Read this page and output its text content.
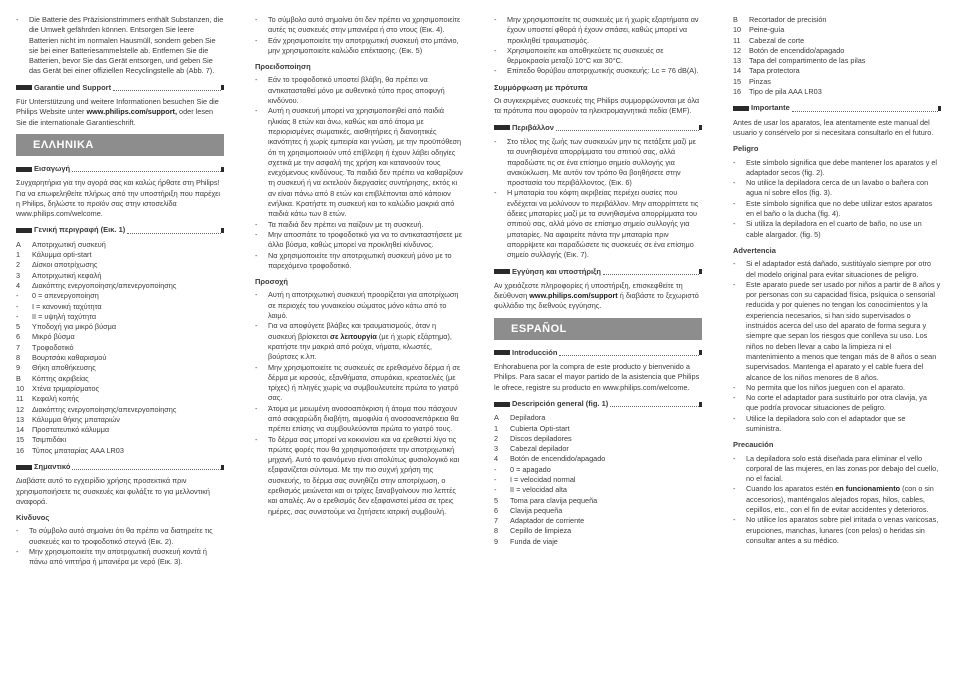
- Die Batterie des Präzisionstrimmers enthält Substanzen, die die Umwelt gefährden können. Entsorgen Sie leere Batterien nicht im normalen Hausmüll, sondern geben Sie sie bei einer Batteriesammelstelle ab. Entfernen Sie die Batterien, bevor Sie das Gerät entsorgen, und geben Sie das Gerät bei einer offiziellen Recyclingstelle ab (Abb. 7).

Garantie und Support

Für Unterstützung und weitere Informationen besuchen Sie die Philips Website unter www.philips.com/support, oder lesen Sie die internationale Garantieschrift.

ΕΛΛΗΝΙΚΑ
Εισαγωγή

Συγχαρητήρια για την αγορά σας και καλώς ήρθατε στη Philips! Για να επωφεληθείτε πλήρως από την υποστήριξη που παρέχει η Philips, δηλώστε το προϊόν σας στην ιστοσελίδα www.philips.com/welcome.

Γενική περιγραφή (Εικ. 1)

A Αποτριχωτική συσκευή

1 Κάλυμμα opti-start

2 Δίσκοι αποτρίχωσης

3 Αποτριχωτική κεφαλή

4 Διακόπτης ενεργοποίησης/απενεργοποίησης

- 0 = απενεργοποίηση

- I = κανονική ταχύτητα

- II = υψηλή ταχύτητα

5 Υποδοχή για μικρό βύσμα

6 Μικρό βύσμα

7 Τροφοδοτικό

8 Βουρτσάκι καθαρισμού

9 Θήκη αποθήκευσης

B Κόπτης ακριβείας

10 Χτένα τριμαρίσματος

11 Κεφαλή κοπής

12 Διακόπτης ενεργοποίησης/απενεργοποίησης

13 Κάλυμμα θήκης μπαταριών

14 Προστατευτικό κάλυμμα

15 Τσιμπιδάκι

16 Τύπος μπαταρίας AAA LR03

Σημαντικό

Διαβάστε αυτό το εγχειρίδιο χρήσης προσεκτικά πριν χρησιμοποιήσετε τις συσκευές και φυλάξτε το για μελλοντική αναφορά.

Κίνδυνος

- Το σύμβολο αυτό σημαίνει ότι θα πρέπει να διατηρείτε τις συσκευές και το τροφοδοτικό στεγνά (Εικ. 2).

- Μην χρησιμοποιείτε την αποτριχωτική συσκευή κοντά ή πάνω από νιπτήρα ή μπανιέρα με νερό (Εικ. 3).

- Το σύμβολο αυτό σημαίνει ότι δεν πρέπει να χρησιμοποιείτε αυτές τις συσκευές στην μπανιέρα ή στο ντους (Εικ. 4).

- Εάν χρησιμοποιείτε την αποτριχωτική συσκευή στο μπάνιο, μην χρησιμοποιείτε καλώδιο επέκτασης. (Εικ. 5)

Προειδοποίηση

- Εάν το τροφοδοτικό υποστεί βλάβη, θα πρέπει να αντικατασταθεί μόνο με αυθεντικό τύπο προς αποφυγή κινδύνου.

- Αυτή η συσκευή μπορεί να χρησιμοποιηθεί από παιδιά ηλικίας 8 ετών και άνω, καθώς και από άτομα με περιορισμένες σωματικές, αισθητήριες ή διανοητικές ικανότητες ή χωρίς εμπειρία και γνώση, με την προϋπόθεση ότι τη χρησιμοποιούν υπό επίβλεψη ή έχουν λάβει οδηγίες σχετικά με την ασφαλή της χρήση και κατανοούν τους ενεχόμενους κινδύνους. Τα παιδιά δεν πρέπει να καθαρίζουν τη συσκευή ή να εκτελούν διεργασίες συντήρησης, εκτός κι αν είναι πάνω από 8 ετών και επιβλέπονται από κάποιον ενήλικα. Κρατήστε τη συσκευή και το καλώδιο μακριά από παιδιά κάτω των 8 ετών.

- Τα παιδιά δεν πρέπει να παίζουν με τη συσκευή.

- Μην αποσπάτε το τροφοδοτικό για να το αντικαταστήσετε με άλλο βύσμα, καθώς μπορεί να προκληθεί κίνδυνος.

- Να χρησιμοποιείτε την αποτριχωτική συσκευή μόνο με το παρεχόμενο τροφοδοτικό.

Προσοχή

- Αυτή η αποτριχωτική συσκευή προορίζεται για αποτρίχωση σε περιοχές του γυναικείου σώματος μόνο κάτω από το λαιμό.

- Για να αποφύγετε βλάβες και τραυματισμούς, όταν η συσκευή βρίσκεται σε λειτουργία (με ή χωρίς εξάρτημα), κρατήστε την μακριά από ρούχα, νήματα, κλωστές, βούρτσες κ.λπ.

- Μην χρησιμοποιείτε τις συσκευές σε ερεθισμένο δέρμα ή σε δέρμα με κιρσούς, εξανθήματα, σπυράκια, κρεατοελιές (με τρίχες) ή πληγές χωρίς να συμβουλευτείτε πρώτα το γιατρό σας.

- Άτομα με μειωμένη ανοσοαπόκριση ή άτομα που πάσχουν από σακχαρώδη διαβήτη, αιμοφιλία ή ανοσοανεπάρκεια θα πρέπει επίσης να συμβουλεύονται πρώτα το γιατρό τους.

- Το δέρμα σας μπορεί να κοκκινίσει και να ερεθιστεί λίγο τις πρώτες φορές που θα χρησιμοποιήσετε την αποτριχωτική μηχανή. Αυτό το φαινόμενο είναι απολύτως φυσιολογικό και εξαφανίζεται σύντομα. Με την πιο συχνή χρήση της συσκευής, το δέρμα σας συνηθίζει στην αποτρίχωση, ο ερεθισμός μειώνεται και οι τρίχες ξαναβγαίνουν πιο λεπτές και απαλές. Αν ο ερεθισμός δεν εξαφανιστεί μέσα σε τρεις ημέρες, σας συνιστούμε να ζητήσετε ιατρική συμβουλή.

- Μην χρησιμοποιείτε τις συσκευές με ή χωρίς εξαρτήματα αν έχουν υποστεί φθορά ή έχουν σπάσει, καθώς μπορεί να προκληθεί τραυματισμός.

- Χρησιμοποιείτε και αποθηκεύετε τις συσκευές σε θερμοκρασία μεταξύ 10°C και 30°C.

- Επίπεδο θορύβου αποτριχωτικής συσκευής: Lc = 76 dB(A).

Συμμόρφωση με πρότυπα

Οι συγκεκριμένες συσκευές της Philips συμμορφώνονται με όλα τα πρότυπα που αφορούν τα ηλεκτρομαγνητικά πεδία (EMF).

Περιβάλλον

- Στο τέλος της ζωής των συσκευών μην τις πετάξετε μαζί με τα συνηθισμένα απορρίμματα του σπιτιού σας, αλλά παραδώστε τις σε ένα επίσημο σημείο συλλογής για ανακύκλωση. Με αυτόν τον τρόπο θα βοηθήσετε στην προστασία του περιβάλλοντος. (Εικ. 6)

- Η μπαταρία του κόφτη ακριβείας περιέχει ουσίες που ενδέχεται να μολύνουν το περιβάλλον. Μην απορρίπτετε τις άδειες μπαταρίες μαζί με τα συνηθισμένα απορρίμματα του σπιτιού σας, αλλά μόνο σε επίσημο σημείο συλλογής για μπαταρίες. Να αφαιρείτε πάντα την μπαταρία πριν απορρίψετε και παραδώσετε τις συσκευές σε ένα επίσημο σημείο συλλογής (Εικ. 7).

Εγγύηση και υποστήριξη

Αν χρειάζεστε πληροφορίες ή υποστήριξη, επισκεφθείτε τη διεύθυνση www.philips.com/support ή διαβάστε το ξεχωριστό φυλλάδιο της διεθνούς εγγύησης.

ESPAÑOL
Introducción

Enhorabuena por la compra de este producto y bienvenido a Philips. Para sacar el mayor partido de la asistencia que Philips le ofrece, registre su producto en www.philips.com/welcome.

Descripción general (fig. 1)

A Depiladora

1 Cubierta Opti-start

2 Discos depiladores

3 Cabezal depilador

4 Botón de encendido/apagado

- 0 = apagado

- I = velocidad normal

- II = velocidad alta

5 Toma para clavija pequeña

6 Clavija pequeña

7 Adaptador de corriente

8 Cepillo de limpieza

9 Funda de viaje

B Recortador de precisión

10 Peine-guía

11 Cabezal de corte

12 Botón de encendido/apagado

13 Tapa del compartimento de las pilas

14 Tapa protectora

15 Pinzas

16 Tipo de pila AAA LR03

Importante

Antes de usar los aparatos, lea atentamente este manual del usuario y consérvelo por si necesitara consultarlo en el futuro.

Peligro

- Este símbolo significa que debe mantener los aparatos y el adaptador secos (fig. 2).

- No utilice la depiladora cerca de un lavabo o bañera con agua ni sobre ellos (fig. 3).

- Este símbolo significa que no debe utilizar estos aparatos en el baño o la ducha (fig. 4).

- Si utiliza la depiladora en el cuarto de baño, no use un cable alargador. (fig. 5)

Advertencia

- Si el adaptador está dañado, sustitúyalo siempre por otro del modelo original para evitar situaciones de peligro.

- Este aparato puede ser usado por niños a partir de 8 años y por personas con su capacidad física, psíquica o sensorial reducida y por quienes no tengan los conocimientos y la experiencia necesarios, si han sido supervisados o instruidos acerca del uso del aparato de forma segura y siempre que sepan los riesgos que conlleva su uso. Los niños no deben llevar a cabo la limpieza ni el mantenimiento a menos que tengan más de 8 años o sean supervisados. Mantenga el aparato y el cable fuera del alcance de los niños menores de 8 años.

- No permita que los niños jueguen con el aparato.

- No corte el adaptador para sustituirlo por otra clavija, ya que podría provocar situaciones de peligro.

- Utilice la depiladora solo con el adaptador que se suministra.

Precaución

- La depiladora solo está diseñada para eliminar el vello corporal de las mujeres, en las zonas por debajo del cuello, no el facial.

- Cuando los aparatos estén en funcionamiento (con o sin accesorios), manténgalos alejados ropas, hilos, cables, cepillos, etc., con el fin de evitar accidentes y deterioros.

- No utilice los aparatos sobre piel irritada o venas varicosas, erupciones, manchas, lunares (con pelos) o heridas sin consultar antes a su médico.
